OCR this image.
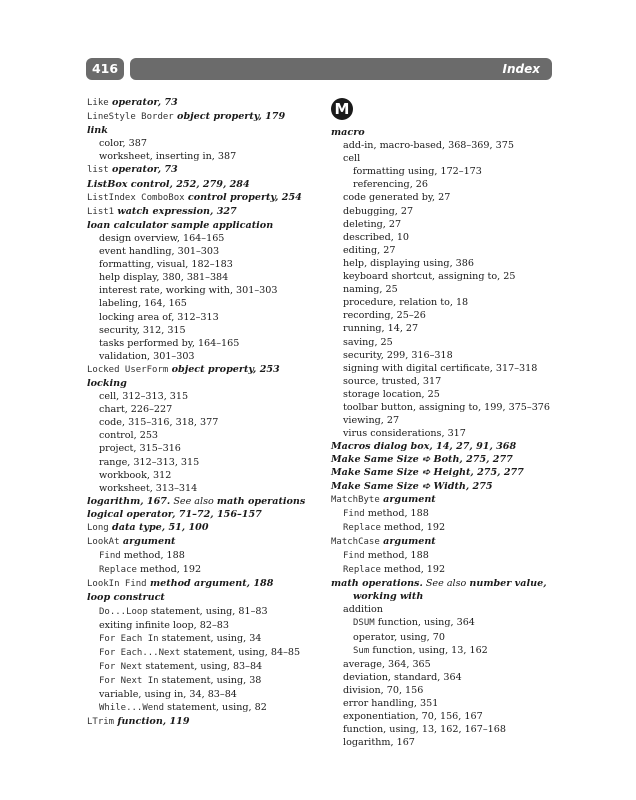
416	Index
Like operator, 73
LineStyle Border object property, 179
link
color, 387
worksheet, inserting in, 387
list operator, 73
ListBox control, 252, 279, 284
ListIndex ComboBox control property, 254
List1 watch expression, 327
loan calculator sample application
design overview, 164–165
event handling, 301–303
formatting, visual, 182–183
help display, 380, 381–384
interest rate, working with, 301–303
labeling, 164, 165
locking area of, 312–313
security, 312, 315
tasks performed by, 164–165
validation, 301–303
Locked UserForm object property, 253
locking
cell, 312–313, 315
chart, 226–227
code, 315–316, 318, 377
control, 253
project, 315–316
range, 312–313, 315
workbook, 312
worksheet, 313–314
logarithm, 167. See also math operations
logical operator, 71–72, 156–157
Long data type, 51, 100
LookAt argument
Find method, 188
Replace method, 192
LookIn Find method argument, 188
loop construct
Do...Loop statement, using, 81–83
exiting infinite loop, 82–83
For Each In statement, using, 34
For Each...Next statement, using, 84–85
For Next statement, using, 83–84
For Next In statement, using, 38
variable, using in, 34, 83–84
While...Wend statement, using, 82
LTrim function, 119
M
macro
add-in, macro-based, 368–369, 375
cell
formatting using, 172–173
referencing, 26
code generated by, 27
debugging, 27
deleting, 27
described, 10
editing, 27
help, displaying using, 386
keyboard shortcut, assigning to, 25
naming, 25
procedure, relation to, 18
recording, 25–26
running, 14, 27
saving, 25
security, 299, 316–318
signing with digital certificate, 317–318
source, trusted, 317
storage location, 25
toolbar button, assigning to, 199, 375–376
viewing, 27
virus considerations, 317
Macros dialog box, 14, 27, 91, 368
Make Same Size ➪ Both, 275, 277
Make Same Size ➪ Height, 275, 277
Make Same Size ➪ Width, 275
MatchByte argument
Find method, 188
Replace method, 192
MatchCase argument
Find method, 188
Replace method, 192
math operations. See also number value, working with
addition
DSUM function, using, 364
operator, using, 70
Sum function, using, 13, 162
average, 364, 365
deviation, standard, 364
division, 70, 156
error handling, 351
exponentiation, 70, 156, 167
function, using, 13, 162, 167–168
logarithm, 167
